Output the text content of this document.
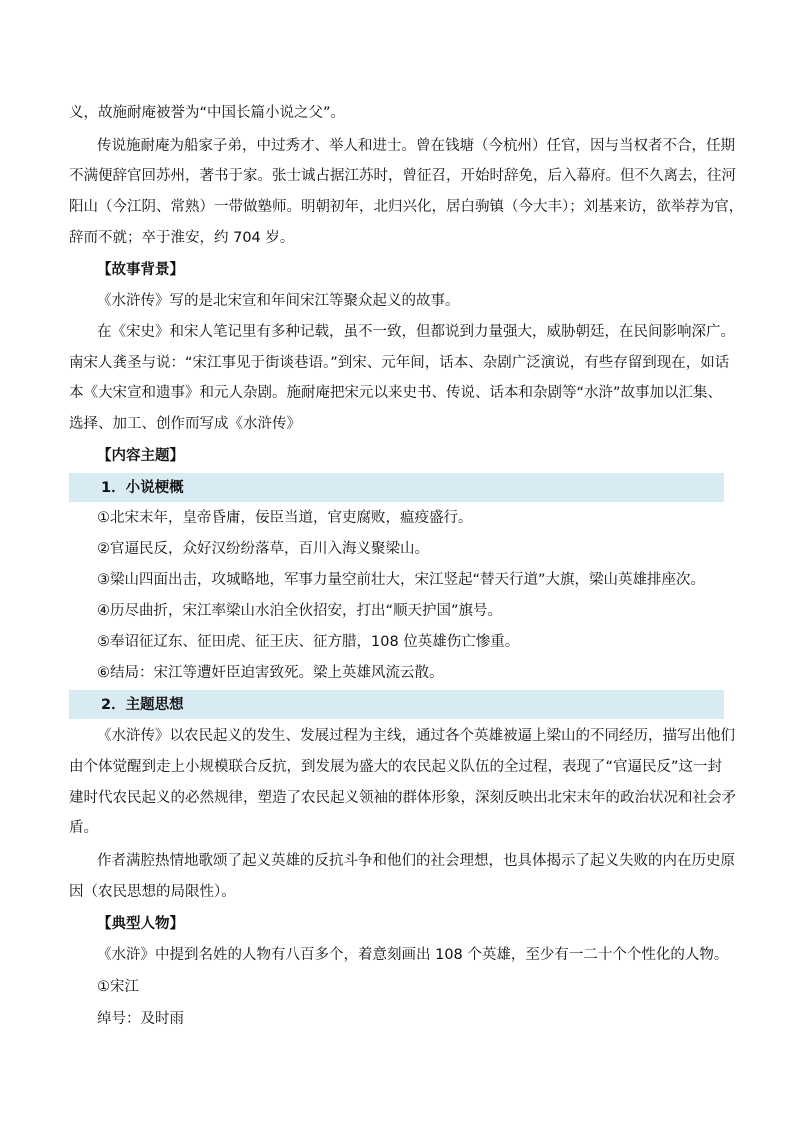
义，故施耐庵被誉为“中国长篇小说之父”。
传说施耐庵为船家子弟，中过秀才、举人和进士。曾在钱塘（今杭州）任官，因与当权者不合，任期
不满便辞官回苏州，著书于家。张士诚占据江苏时，曾征召，开始时辞免，后入幕府。但不久离去，往河
阳山（今江阴、常熟）一带做塾师。明朝初年，北归兴化，居白驹镇（今大丰）；刘基来访，欲举荐为官，
辞而不就；卒于淮安，约 704 岁。
【故事背景】
《水浒传》写的是北宋宣和年间宋江等聚众起义的故事。
在《宋史》和宋人笔记里有多种记载，虽不一致，但都说到力量强大，威胁朝廷，在民间影响深广。
南宋人龚圣与说：“宋江事见于街谈巷语。”到宋、元年间，话本、杂剧广泛演说，有些存留到现在，如话
本《大宋宣和遗事》和元人杂剧。施耐庵把宋元以来史书、传说、话本和杂剧等“水浒”故事加以汇集、
选择、加工、创作而写成《水浒传》
【内容主题】
1．小说梗概
①北宋末年，皇帝昏庸，佞臣当道，官吏腐败，瘟疫盛行。
②官逼民反，众好汉纷纷落草，百川入海义聚梁山。
③梁山四面出击，攻城略地，军事力量空前壮大，宋江竖起“替天行道”大旗，梁山英雄排座次。
④历尽曲折，宋江率梁山水泊全伙招安，打出“顺天护国”旗号。
⑤奉诏征辽东、征田虎、征王庆、征方腊，108 位英雄伤亡惨重。
⑥结局：宋江等遭奸臣迫害致死。梁上英雄风流云散。
2．主题思想
《水浒传》以农民起义的发生、发展过程为主线，通过各个英雄被逼上梁山的不同经历，描写出他们
由个体觉醒到走上小规模联合反抗，到发展为盛大的农民起义队伍的全过程，表现了“官逼民反”这一封
建时代农民起义的必然规律，塑造了农民起义领袖的群体形象，深刻反映出北宋末年的政治状况和社会矛
盾。
作者满腔热情地歌颂了起义英雄的反抗斗争和他们的社会理想，也具体揭示了起义失败的内在历史原
因（农民思想的局限性）。
【典型人物】
《水浒》中提到名姓的人物有八百多个，着意刻画出 108 个英雄，至少有一二十个个性化的人物。
①宋江
绰号：及时雨
